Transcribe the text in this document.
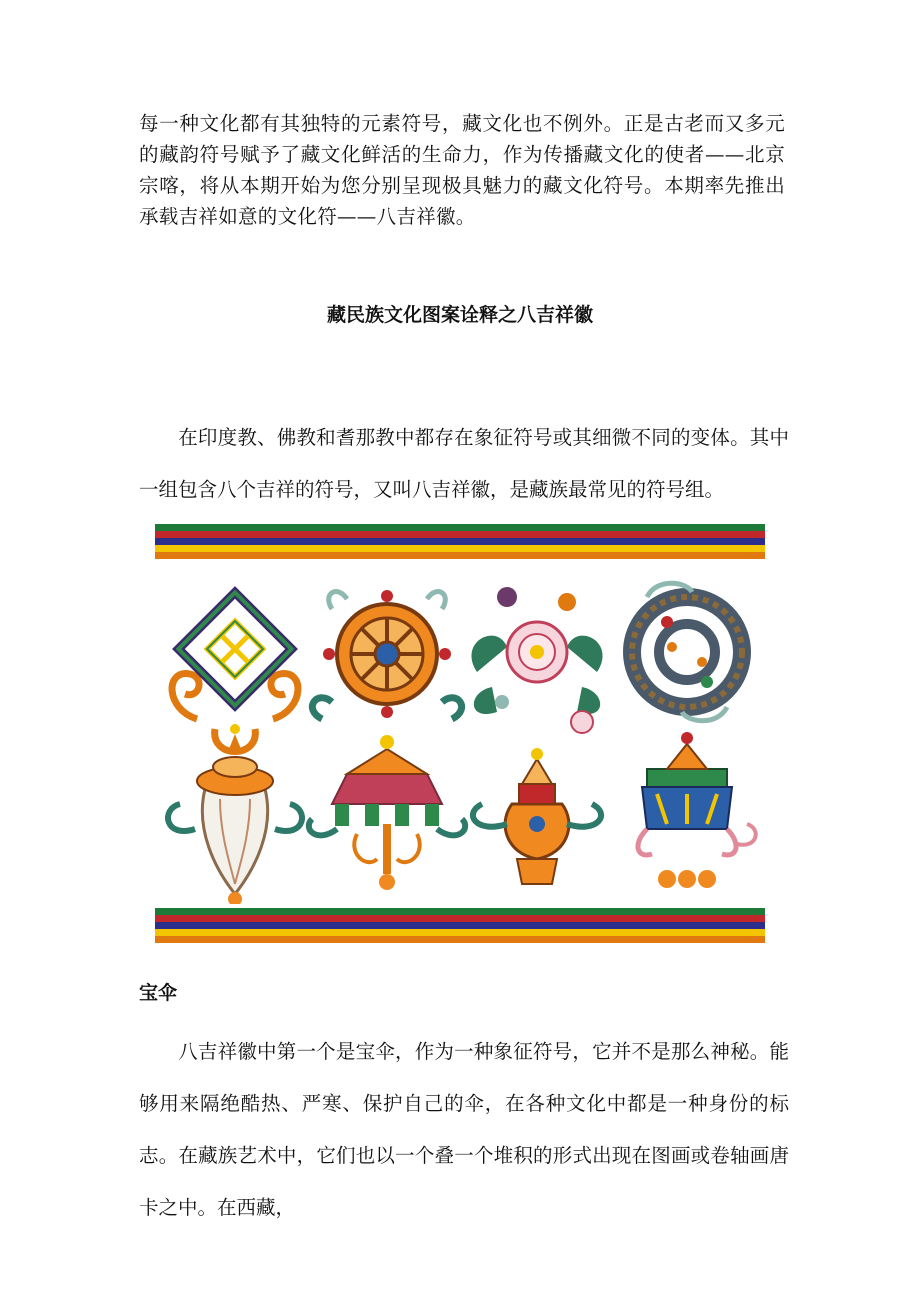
每一种文化都有其独特的元素符号，藏文化也不例外。正是古老而又多元的藏韵符号赋予了藏文化鲜活的生命力，作为传播藏文化的使者——北京宗喀，将从本期开始为您分别呈现极具魅力的藏文化符号。本期率先推出承载吉祥如意的文化符——八吉祥徽。
藏民族文化图案诠释之八吉祥徽
在印度教、佛教和耆那教中都存在象征符号或其细微不同的变体。其中一组包含八个吉祥的符号，又叫八吉祥徽，是藏族最常见的符号组。
宝伞
八吉祥徽中第一个是宝伞，作为一种象征符号，它并不是那么神秘。能够用来隔绝酷热、严寒、保护自己的伞，在各种文化中都是一种身份的标志。在藏族艺术中，它们也以一个叠一个堆积的形式出现在图画或卷轴画唐卡之中。在西藏，
